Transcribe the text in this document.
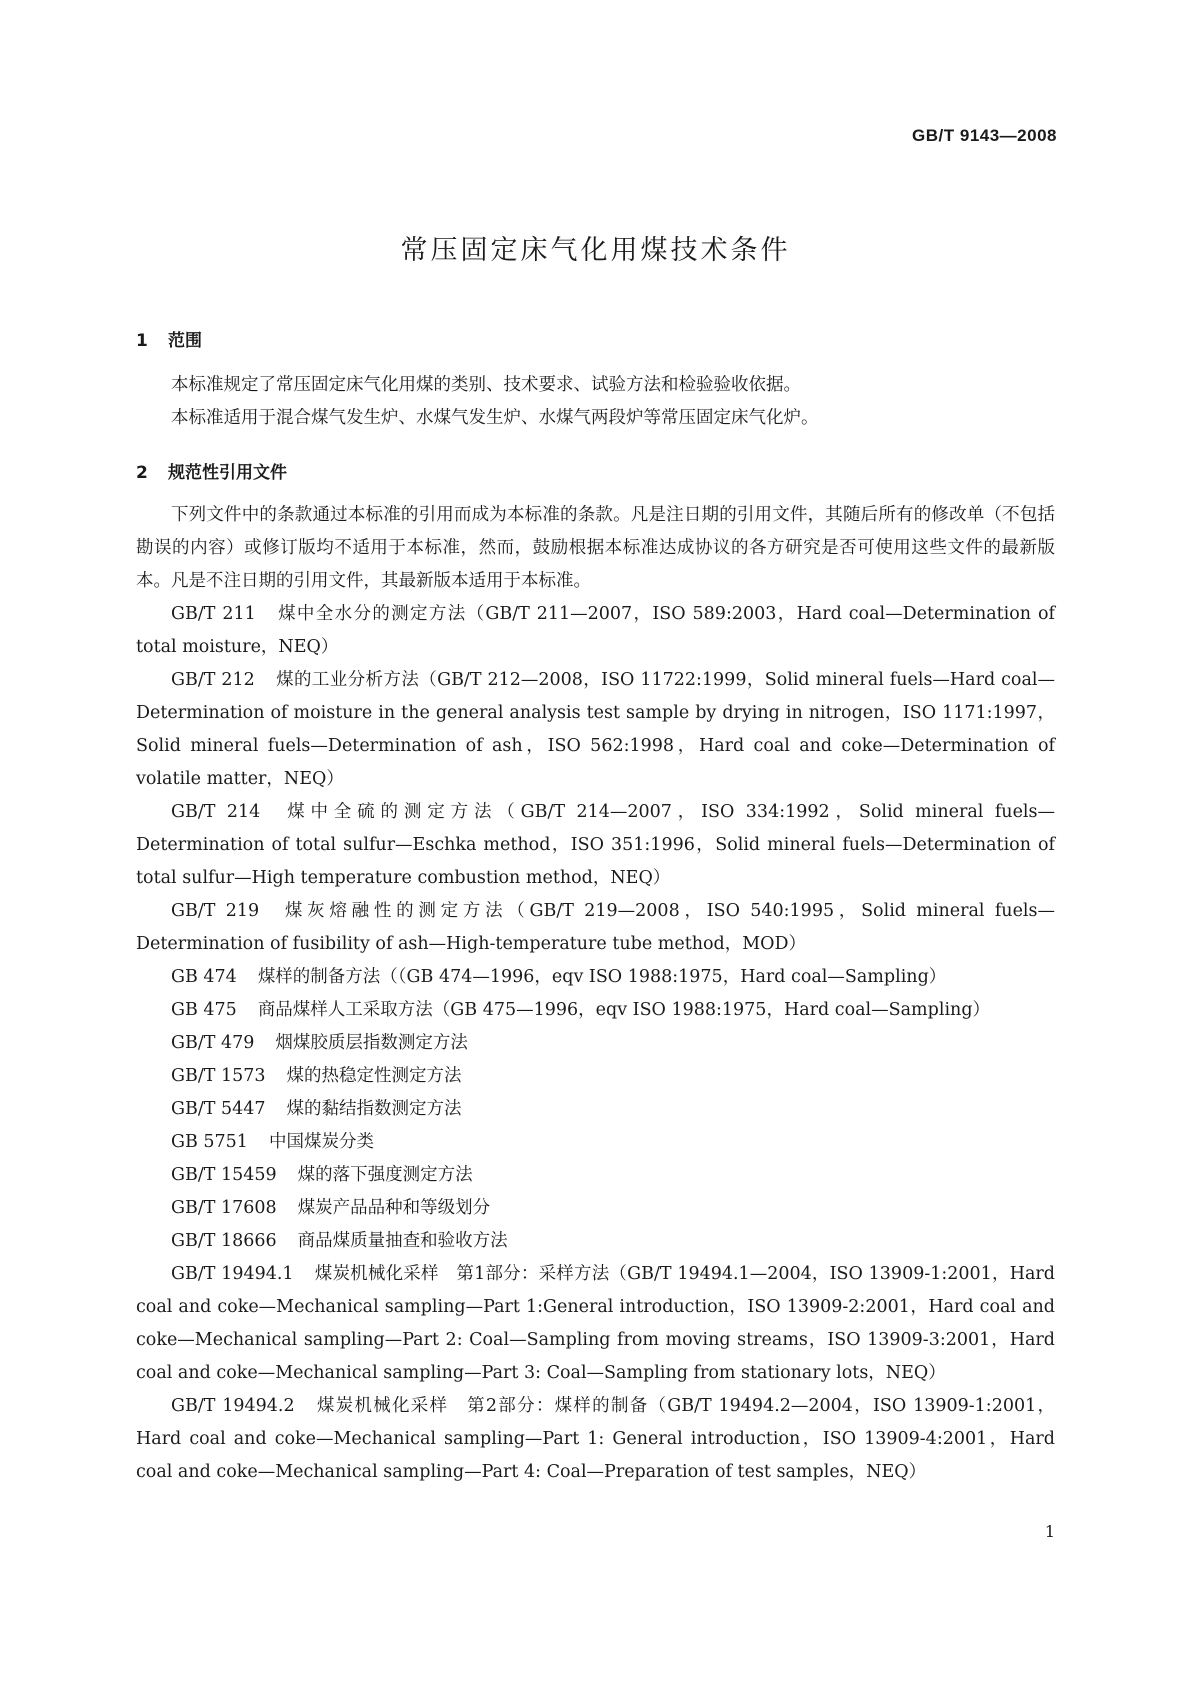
GB/T 9143—2008
常压固定床气化用煤技术条件
1 范围

本标准规定了常压固定床气化用煤的类别、技术要求、试验方法和检验验收依据。

本标准适用于混合煤气发生炉、水煤气发生炉、水煤气两段炉等常压固定床气化炉。

2 规范性引用文件

下列文件中的条款通过本标准的引用而成为本标准的条款。凡是注日期的引用文件，其随后所有的修改单（不包括勘误的内容）或修订版均不适用于本标准，然而，鼓励根据本标准达成协议的各方研究是否可使用这些文件的最新版本。凡是不注日期的引用文件，其最新版本适用于本标准。

GB/T 211 煤中全水分的测定方法（GB/T 211—2007，ISO 589:2003，Hard coal—Determination of total moisture，NEQ）

GB/T 212 煤的工业分析方法（GB/T 212—2008，ISO 11722:1999，Solid mineral fuels—Hard coal—Determination of moisture in the general analysis test sample by drying in nitrogen，ISO 1171:1997，Solid mineral fuels—Determination of ash，ISO 562:1998，Hard coal and coke—Determination of volatile matter，NEQ）

GB/T 214 煤中全硫的测定方法（GB/T 214—2007，ISO 334:1992，Solid mineral fuels—Determination of total sulfur—Eschka method，ISO 351:1996，Solid mineral fuels—Determination of total sulfur—High temperature combustion method，NEQ）

GB/T 219 煤灰熔融性的测定方法（GB/T 219—2008，ISO 540:1995，Solid mineral fuels—Determination of fusibility of ash—High-temperature tube method，MOD）

GB 474 煤样的制备方法（（GB 474—1996，eqv ISO 1988:1975，Hard coal—Sampling）

GB 475 商品煤样人工采取方法（GB 475—1996，eqv ISO 1988:1975，Hard coal—Sampling）

GB/T 479 烟煤胶质层指数测定方法

GB/T 1573 煤的热稳定性测定方法

GB/T 5447 煤的黏结指数测定方法

GB 5751 中国煤炭分类

GB/T 15459 煤的落下强度测定方法

GB/T 17608 煤炭产品品种和等级划分

GB/T 18666 商品煤质量抽查和验收方法

GB/T 19494.1 煤炭机械化采样　第1部分：采样方法（GB/T 19494.1—2004，ISO 13909-1:2001，Hard coal and coke—Mechanical sampling—Part 1:General introduction，ISO 13909-2:2001，Hard coal and coke—Mechanical sampling—Part 2: Coal—Sampling from moving streams，ISO 13909-3:2001，Hard coal and coke—Mechanical sampling—Part 3: Coal—Sampling from stationary lots，NEQ）

GB/T 19494.2 煤炭机械化采样　第2部分：煤样的制备（GB/T 19494.2—2004，ISO 13909-1:2001，Hard coal and coke—Mechanical sampling—Part 1: General introduction，ISO 13909-4:2001，Hard coal and coke—Mechanical sampling—Part 4: Coal—Preparation of test samples，NEQ）

1
